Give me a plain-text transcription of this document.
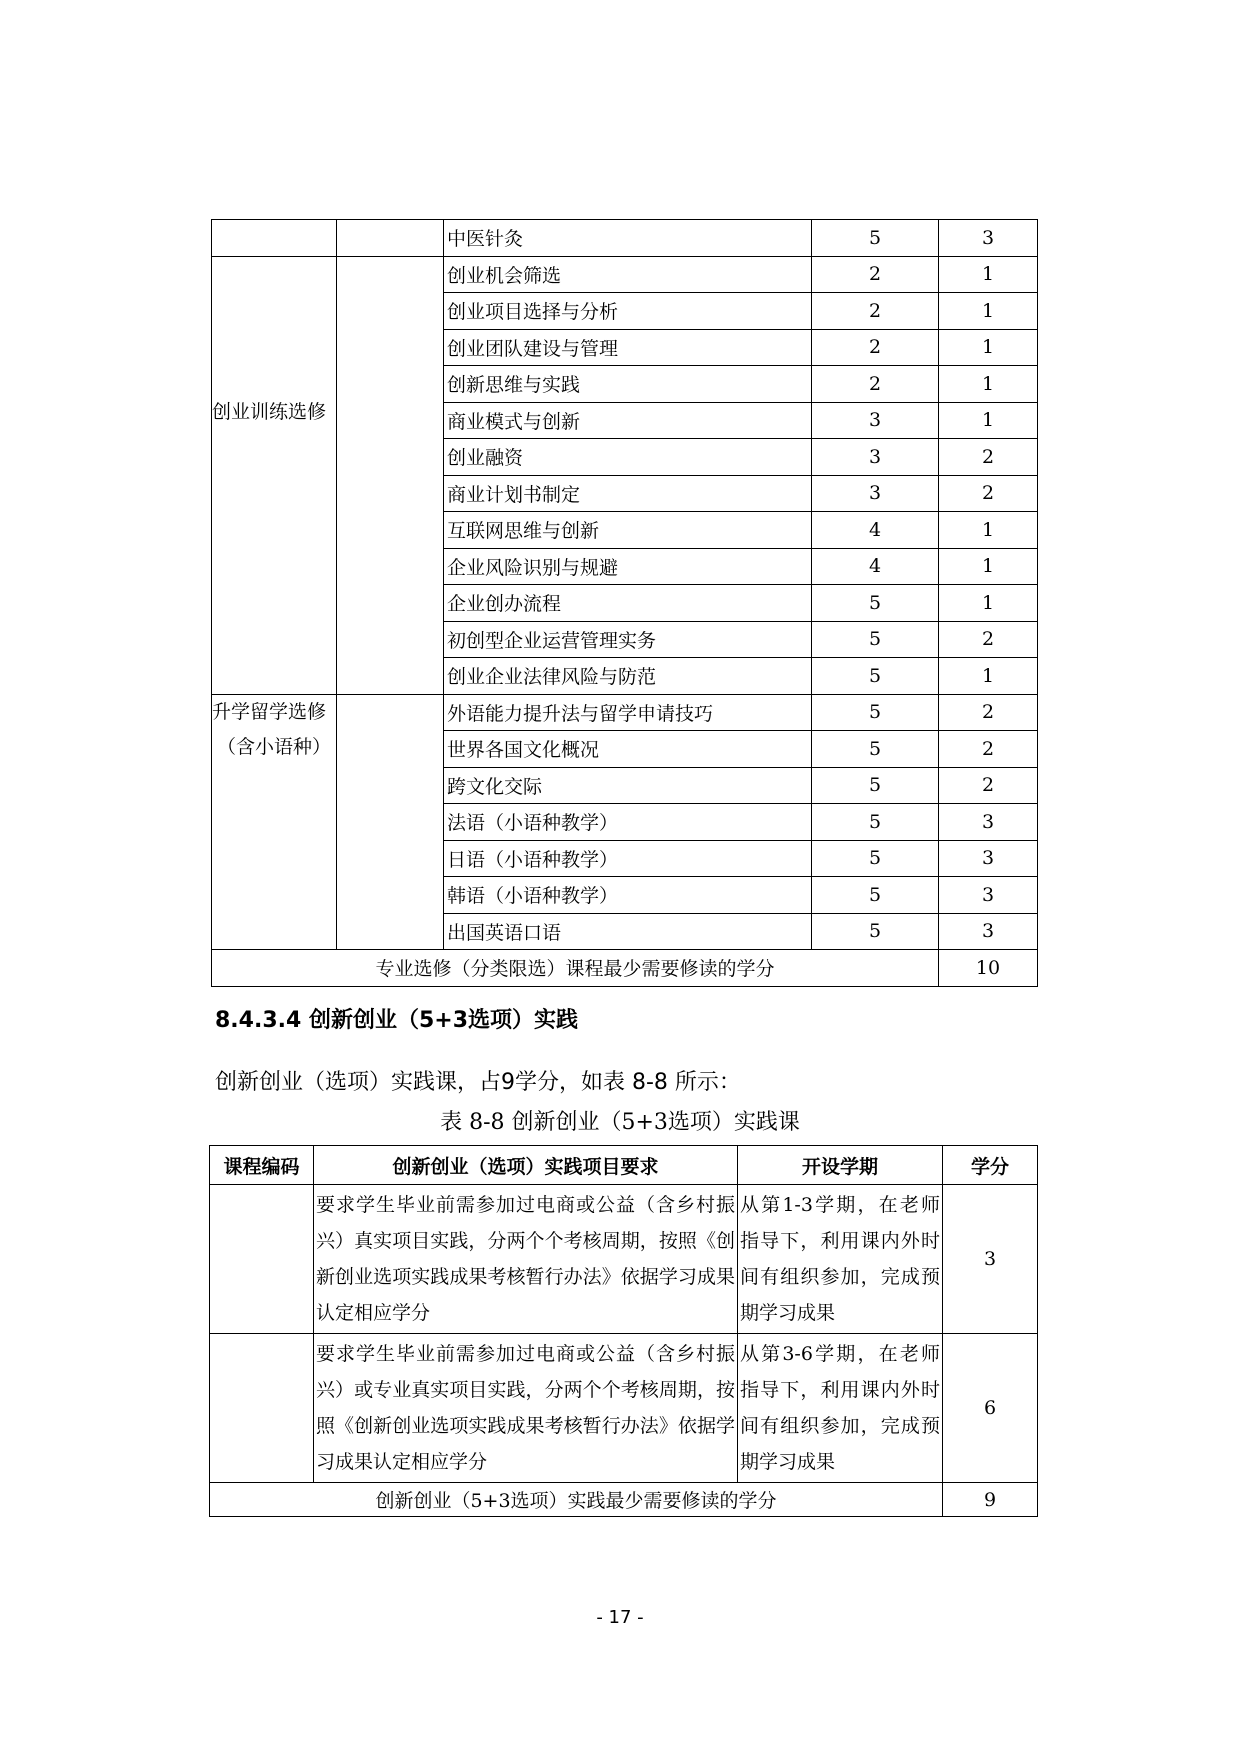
		中医针灸	5	3

创业训练选修		创业机会筛选	2	1
		创业项目选择与分析	2	1
		创业团队建设与管理	2	1
		创新思维与实践	2	1
		商业模式与创新	3	1
		创业融资	3	2
		商业计划书制定	3	2
		互联网思维与创新	4	1
		企业风险识别与规避	4	1
		企业创办流程	5	1
		初创型企业运营管理实务	5	2
		创业企业法律风险与防范	5	1

升学留学选修
（含小语种）		外语能力提升法与留学申请技巧	5	2
		世界各国文化概况	5	2
		跨文化交际	5	2
		法语（小语种教学）	5	3
		日语（小语种教学）	5	3
		韩语（小语种教学）	5	3
		出国英语口语	5	3
专业选修（分类限选）课程最少需要修读的学分				10
8.4.3.4 创新创业（5+3选项）实践
创新创业（选项）实践课，占9学分，如表 8-8 所示：
表 8-8 创新创业（5+3选项）实践课
课程编码	创新创业（选项）实践项目要求	开设学期	学分
	要求学生毕业前需参加过电商或公益（含乡村振兴）真实项目实践，分两个个考核周期，按照《创新创业选项实践成果考核暂行办法》依据学习成果认定相应学分	从第1-3学期，在老师指导下，利用课内外时间有组织参加，完成预期学习成果	3
	要求学生毕业前需参加过电商或公益（含乡村振兴）或专业真实项目实践，分两个个考核周期，按照《创新创业选项实践成果考核暂行办法》依据学习成果认定相应学分	从第3-6学期，在老师指导下，利用课内外时间有组织参加，完成预期学习成果	6
创新创业（5+3选项）实践最少需要修读的学分			9
- 17 -
